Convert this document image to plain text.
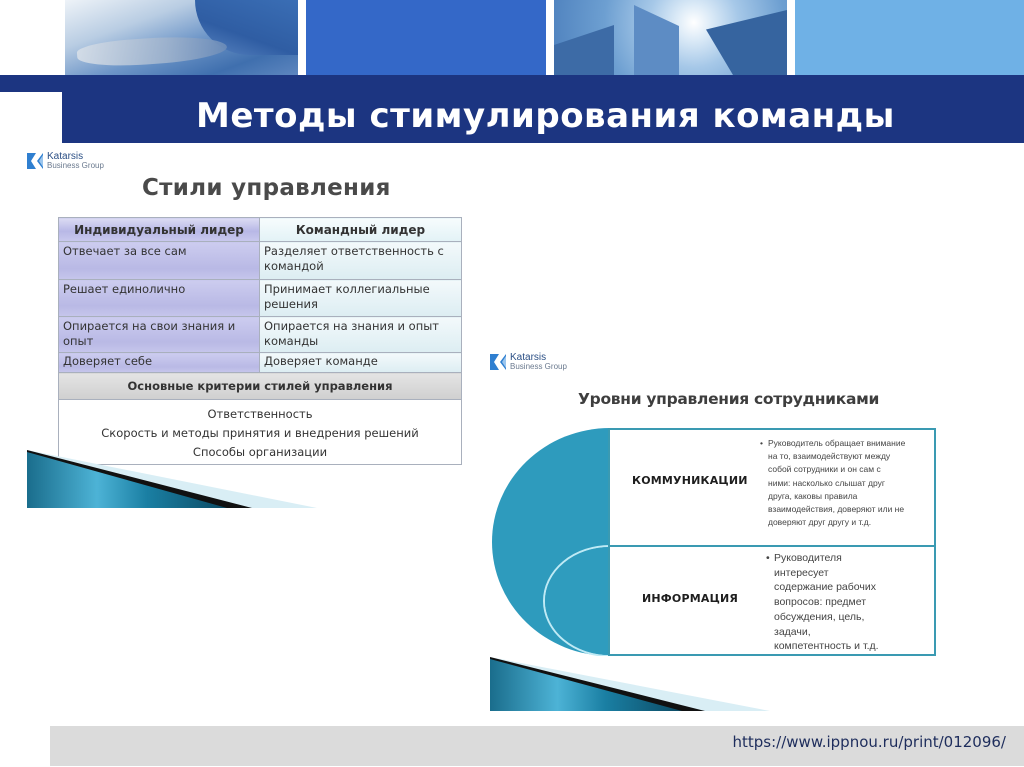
Методы стимулирования команды
Katarsis
Business Group
Стили управления
Индивидуальный лидер	Командный лидер
Отвечает за все сам	Разделяет ответственность с командой
Решает единолично	Принимает коллегиальные решения
Опирается на свои знания и опыт	Опирается на знания и опыт команды
Доверяет себе	Доверяет команде
Основные критерии стилей управления	

Ответственность
Скорость и методы принятия и внедрения решений
Способы организации	
Katarsis
Business Group
Уровни управления сотрудниками
КОММУНИКАЦИИ
• Руководитель обращает внимание
на то, взаимодействуют между
собой сотрудники и он сам с
ними: насколько слышат друг
друга, каковы правила
взаимодействия, доверяют или не
доверяют друг другу и т.д.
ИНФОРМАЦИЯ
• Руководителя
интересует
содержание рабочих
вопросов: предмет
обсуждения, цель,
задачи,
компетентность и т.д.
https://www.ippnou.ru/print/012096/
